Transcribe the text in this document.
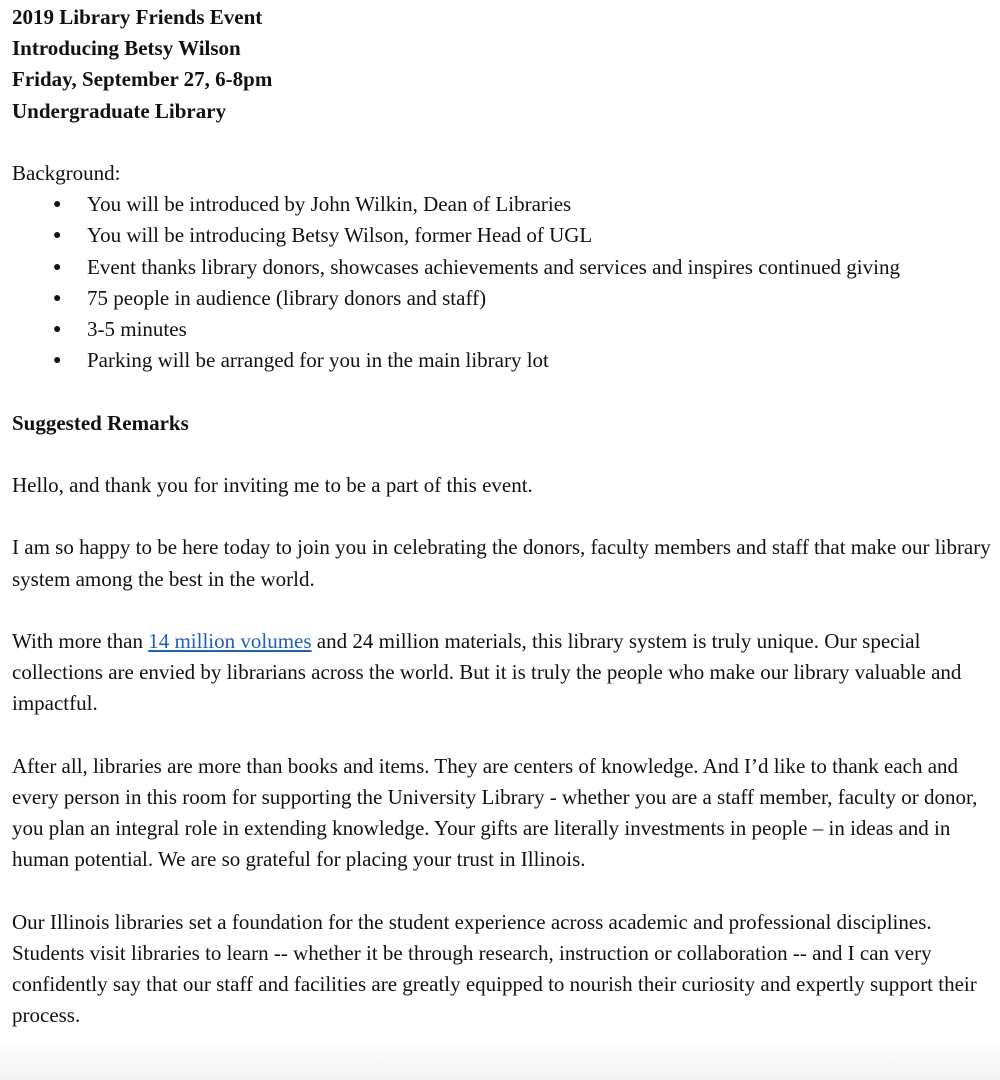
2019 Library Friends Event
Introducing Betsy Wilson
Friday, September 27, 6-8pm
Undergraduate Library
Background:
● You will be introduced by John Wilkin, Dean of Libraries
● You will be introducing Betsy Wilson, former Head of UGL
● Event thanks library donors, showcases achievements and services and inspires continued giving
● 75 people in audience (library donors and staff)
● 3-5 minutes
● Parking will be arranged for you in the main library lot
Suggested Remarks
Hello, and thank you for inviting me to be a part of this event.
I am so happy to be here today to join you in celebrating the donors, faculty members and staff that make our library system among the best in the world.
With more than 14 million volumes and 24 million materials, this library system is truly unique. Our special collections are envied by librarians across the world. But it is truly the people who make our library valuable and impactful.
After all, libraries are more than books and items. They are centers of knowledge. And I’d like to thank each and every person in this room for supporting the University Library - whether you are a staff member, faculty or donor, you plan an integral role in extending knowledge. Your gifts are literally investments in people – in ideas and in human potential. We are so grateful for placing your trust in Illinois.
Our Illinois libraries set a foundation for the student experience across academic and professional disciplines. Students visit libraries to learn -- whether it be through research, instruction or collaboration -- and I can very confidently say that our staff and facilities are greatly equipped to nourish their curiosity and expertly support their process.
